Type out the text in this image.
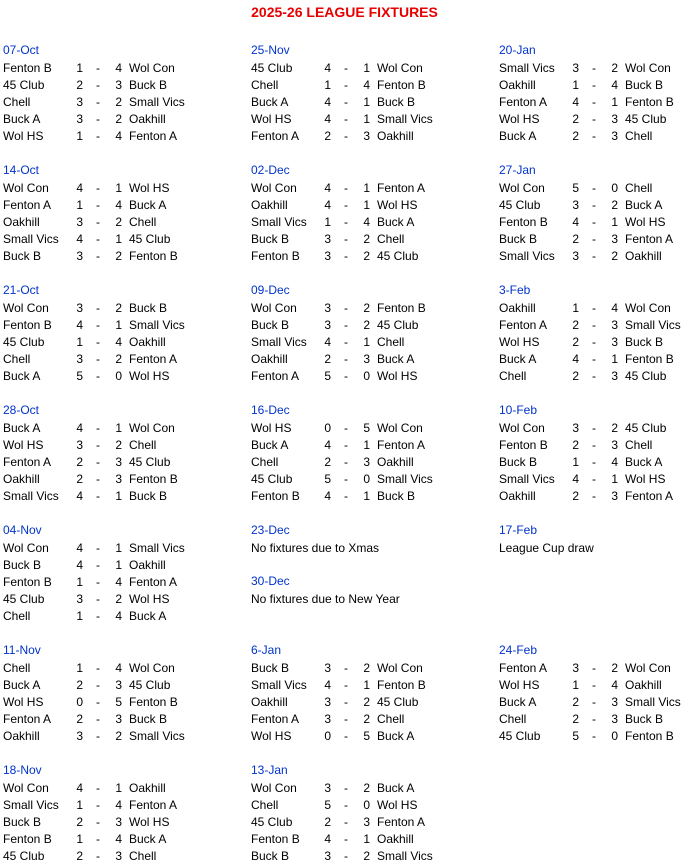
2025-26 LEAGUE FIXTURES
07-Oct
Fenton B 1 - 4 Wol Con
45 Club	2 - 3 Buck B
Chell	3 - 2 Small Vics
Buck A	3 - 2 Oakhill
Wol HS	1 - 4 Fenton A
14-Oct
Wol Con 4 - 1 Wol HS
Fenton A 1 - 4 Buck A
Oakhill	3 - 2 Chell
Small Vics 4 - 1 45 Club
Buck B	3 - 2 Fenton B
21-Oct
Wol Con 3 - 2 Buck B
Fenton B 4 - 1 Small Vics
45 Club	1 - 4 Oakhill
Chell	3 - 2 Fenton A
Buck A	5 - 0 Wol HS
28-Oct
Buck A	4 - 1 Wol Con
Wol HS	3 - 2 Chell
Fenton A 2 - 3 45 Club
Oakhill	2 - 3 Fenton B
Small Vics 4 - 1 Buck B
04-Nov
Wol Con 4 - 1 Small Vics
Buck B	4 - 1 Oakhill
Fenton B 1 - 4 Fenton A
45 Club	3 - 2 Wol HS
Chell	1 - 4 Buck A
11-Nov
Chell	1 - 4 Wol Con
Buck A	2 - 3 45 Club
Wol HS	0 - 5 Fenton B
Fenton A 2 - 3 Buck B
Oakhill	3 - 2 Small Vics
18-Nov
Wol Con 4 - 1 Oakhill
Small Vics 1 - 4 Fenton A
Buck B	2 - 3 Wol HS
Fenton B 1 - 4 Buck A
45 Club	2 - 3 Chell
25-Nov
45 Club	4 - 1 Wol Con
Chell	1 - 4 Fenton B
Buck A	4 - 1 Buck B
Wol HS	4 - 1 Small Vics
Fenton A 2 - 3 Oakhill
02-Dec
Wol Con 4 - 1 Fenton A
Oakhill	4 - 1 Wol HS
Small Vics 1 - 4 Buck A
Buck B	3 - 2 Chell
Fenton B 3 - 2 45 Club
09-Dec
Wol Con 3 - 2 Fenton B
Buck B	3 - 2 45 Club
Small Vics 4 - 1 Chell
Oakhill	2 - 3 Buck A
Fenton A 5 - 0 Wol HS
16-Dec
Wol HS	0 - 5 Wol Con
Buck A	4 - 1 Fenton A
Chell	2 - 3 Oakhill
45 Club	5 - 0 Small Vics
Fenton B 4 - 1 Buck B
23-Dec
No fixtures due to Xmas
30-Dec
No fixtures due to New Year
6-Jan
Buck B	3 - 2 Wol Con
Small Vics 4 - 1 Fenton B
Oakhill	3 - 2 45 Club
Fenton A 3 - 2 Chell
Wol HS	0 - 5 Buck A
13-Jan
Wol Con 3 - 2 Buck A
Chell	5 - 0 Wol HS
45 Club	2 - 3 Fenton A
Fenton B 4 - 1 Oakhill
Buck B	3 - 2 Small Vics
20-Jan
Small Vics 3 - 2 Wol Con
Oakhill	1 - 4 Buck B
Fenton A 4 - 1 Fenton B
Wol HS	2 - 3 45 Club
Buck A	2 - 3 Chell
27-Jan
Wol Con 5 - 0 Chell
45 Club	3 - 2 Buck A
Fenton B 4 - 1 Wol HS
Buck B	2 - 3 Fenton A
Small Vics 3 - 2 Oakhill
3-Feb
Oakhill	1 - 4 Wol Con
Fenton A 2 - 3 Small Vics
Wol HS	2 - 3 Buck B
Buck A	4 - 1 Fenton B
Chell	2 - 3 45 Club
10-Feb
Wol Con 3 - 2 45 Club
Fenton B 2 - 3 Chell
Buck B	1 - 4 Buck A
Small Vics 4 - 1 Wol HS
Oakhill	2 - 3 Fenton A
17-Feb
League Cup draw
24-Feb
Fenton A 3 - 2 Wol Con
Wol HS	1 - 4 Oakhill
Buck A	2 - 3 Small Vics
Chell	2 - 3 Buck B
45 Club	5 - 0 Fenton B
